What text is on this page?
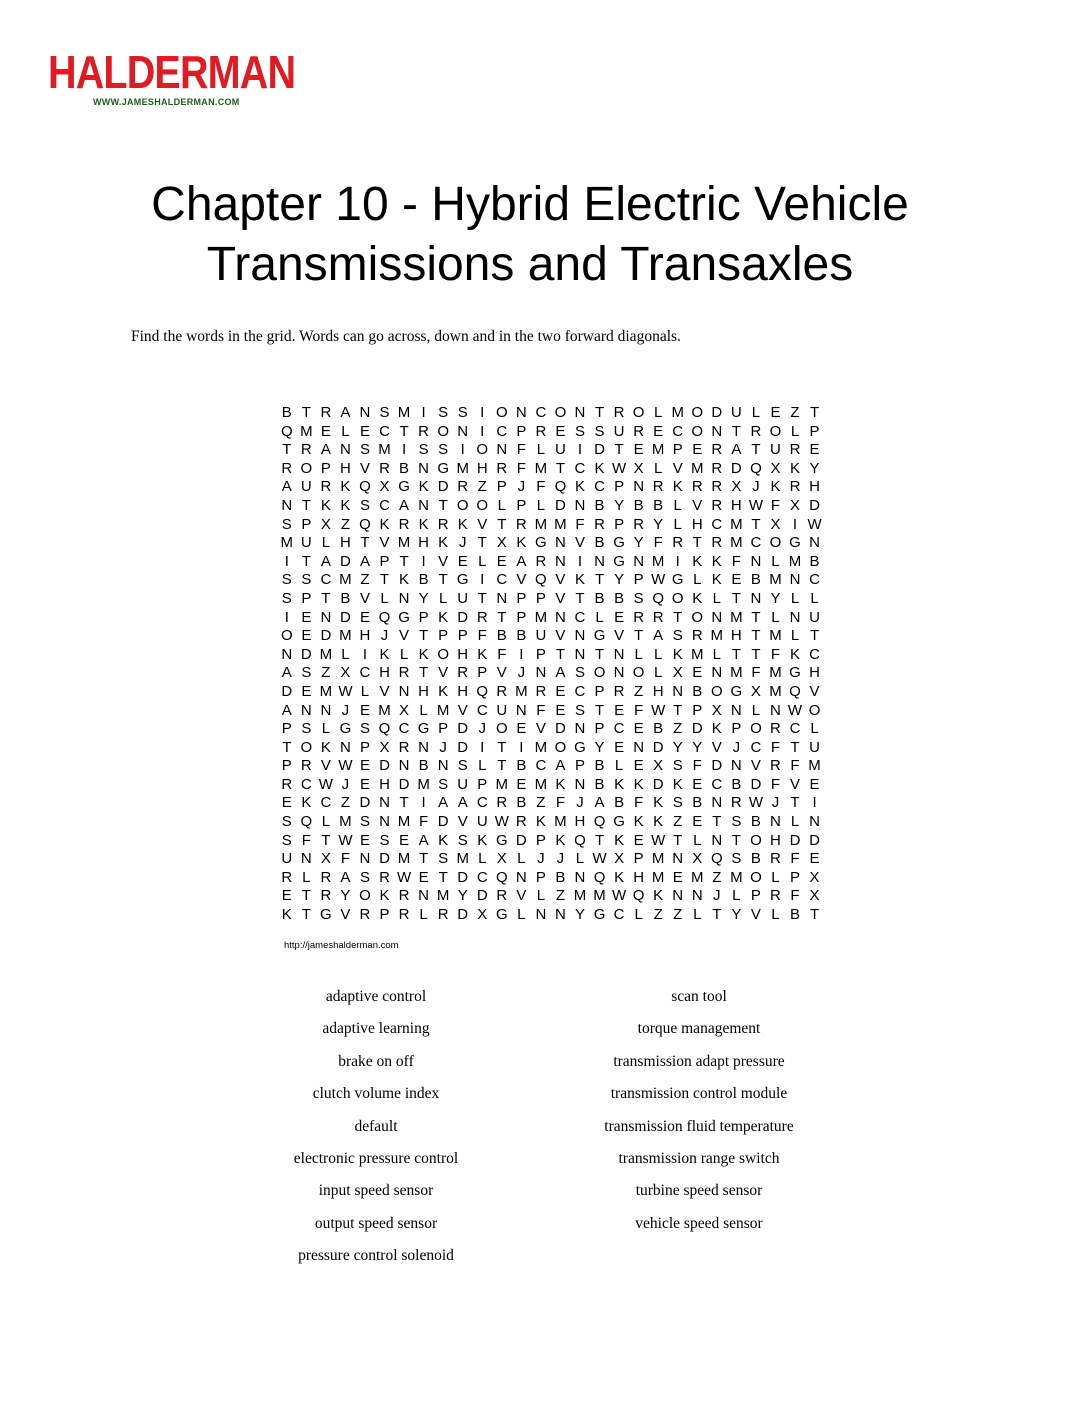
HALDERMAN
WWW.JAMESHALDERMAN.COM
Chapter 10 - Hybrid Electric Vehicle
Transmissions and Transaxles
Find the words in the grid. Words can go across, down and in the two forward diagonals.
B T R A N S M I S S I O N C O N T R O L M O D U L E Z T
Q M E L E C T R O N I C P R E S S U R E C O N T R O L P
T R A N S M I S S I O N F L U I D T E M P E R A T U R E
R O P H V R B N G M H R F M T C K W X L V M R D Q X K Y
A U R K Q X G K D R Z P J F Q K C P N R K R R X J K R H
N T K K S C A N T O O L P L D N B Y B B L V R H W F X D
S P X Z Q K R K R K V T R M M F R P R Y L H C M T X I W
M U L H T V M H K J T X K G N V B G Y F R T R M C O G N
I T A D A P T I V E L E A R N I N G N M I K K F N L M B
S S C M Z T K B T G I C V Q V K T Y P W G L K E B M N C
S P T B V L N Y L U T N P P V T B B S Q O K L T N Y L L
I E N D E Q G P K D R T P M N C L E R R T O N M T L N U
O E D M H J V T P P F B B U V N G V T A S R M H T M L T
N D M L I K L K O H K F I P T N T N L L K M L T T F K C
A S Z X C H R T V R P V J N A S O N O L X E N M F M G H
D E M W L V N H K H Q R M R E C P R Z H N B O G X M Q V
A N N J E M X L M V C U N F E S T E F W T P X N L N W O
P S L G S Q C G P D J O E V D N P C E B Z D K P O R C L
T O K N P X R N J D I T I M O G Y E N D Y Y V J C F T U
P R V W E D N B N S L T B C A P B L E X S F D N V R F M
R C W J E H D M S U P M E M K N B K K D K E C B D F V E
E K C Z D N T I A A C R B Z F J A B F K S B N R W J T I
S Q L M S N M F D V U W R K M H Q G K K Z E T S B N L N
S F T W E S E A K S K G D P K Q T K E W T L N T O H D D
U N X F N D M T S M L X L J J L W X P M N X Q S B R F E
R L R A S R W E T D C Q N P B N Q K H M E M Z M O L P X
E T R Y O K R N M Y D R V L Z M M W Q K N N J L P R F X
K T G V R P R L R D X G L N N Y G C L Z Z L T Y V L B T
http://jameshalderman.com
adaptive control
adaptive learning
brake on off
clutch volume index
default
electronic pressure control
input speed sensor
output speed sensor
pressure control solenoid
scan tool
torque management
transmission adapt pressure
transmission control module
transmission fluid temperature
transmission range switch
turbine speed sensor
vehicle speed sensor
